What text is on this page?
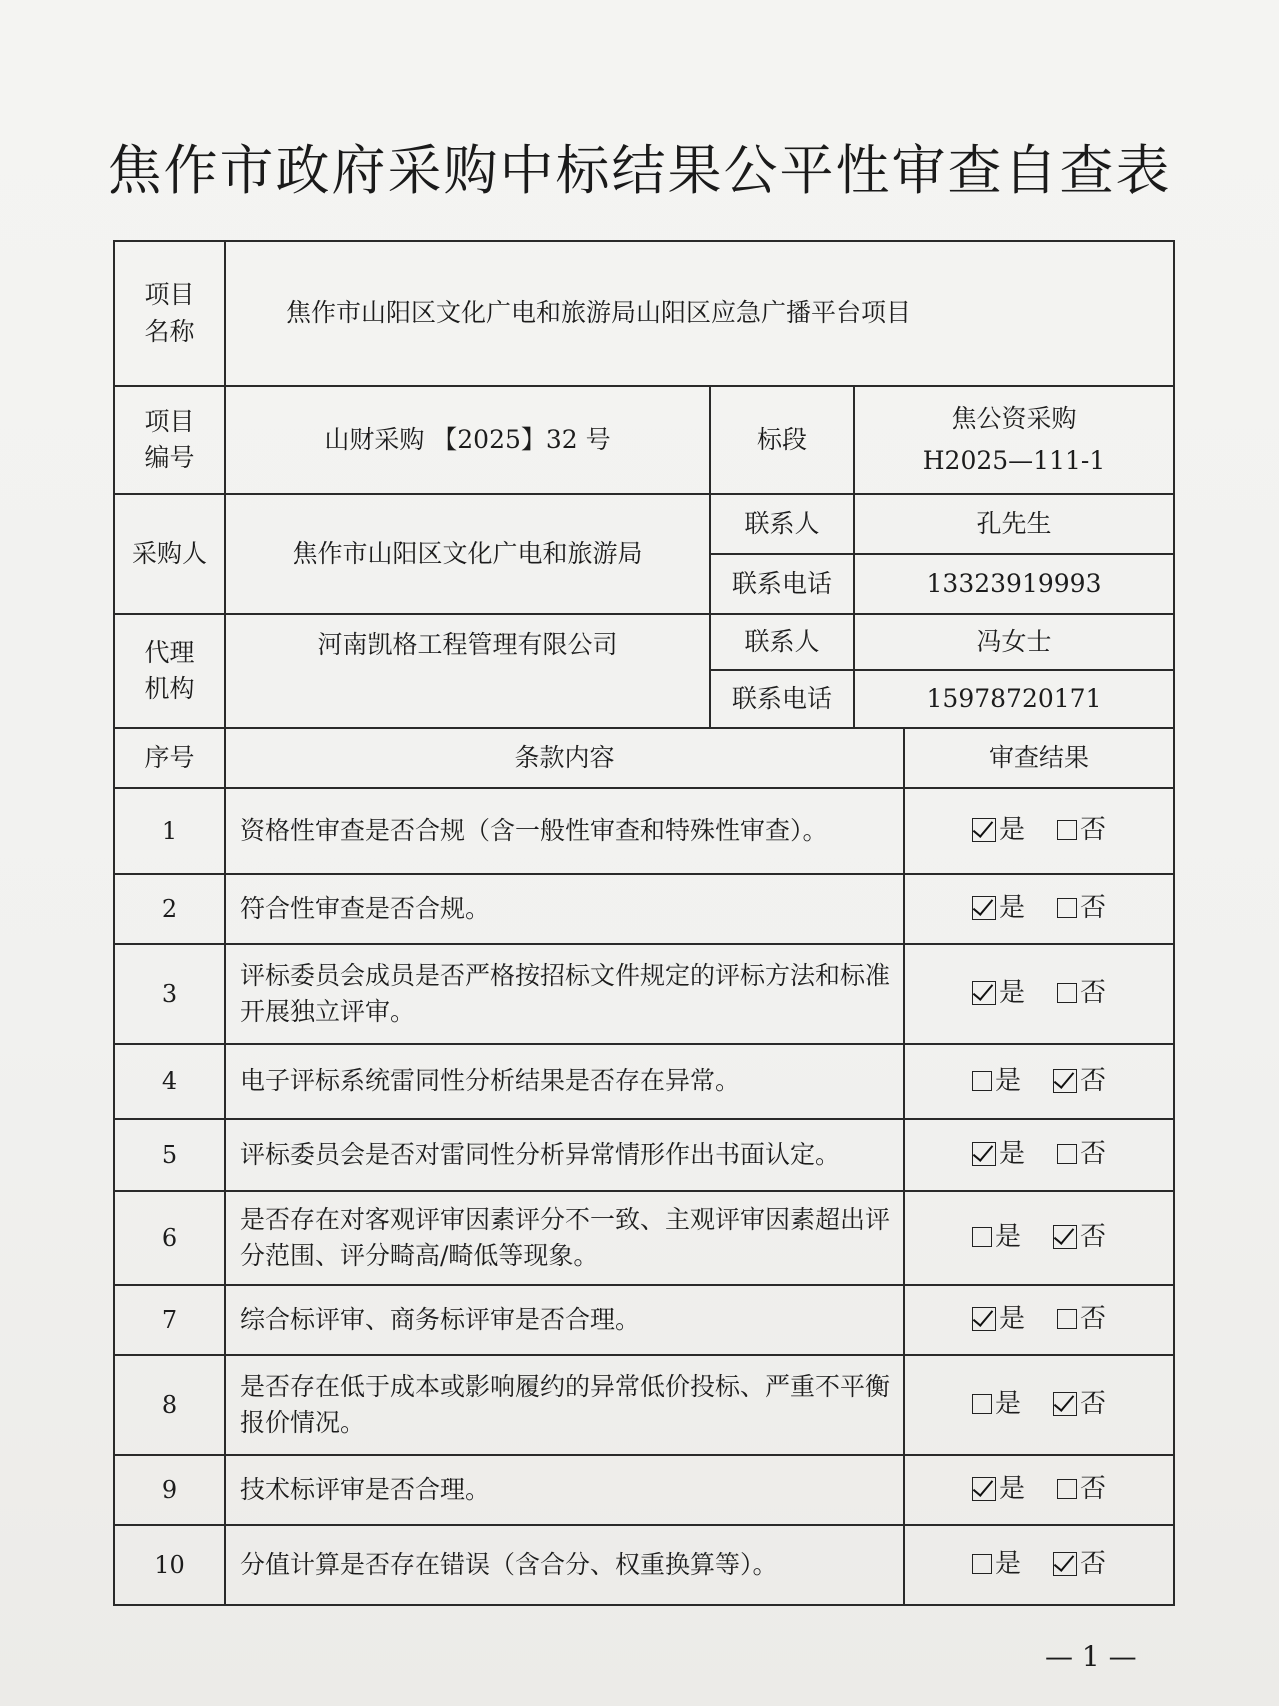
焦作市政府采购中标结果公平性审查自查表
项目名称	焦作市山阳区文化广电和旅游局山阳区应急广播平台项目			

项目编号	山财采购 【2025】32 号	标段	焦公资采购
H2025—111-1	

采购人	焦作市山阳区文化广电和旅游局	联系人	孔先生	
		联系电话	13323919993	

代理机构	河南凯格工程管理有限公司	联系人	冯女士	
		联系电话	15978720171	
序号	条款内容			审查结果
1	资格性审查是否合规（含一般性审查和特殊性审查）。			是 否
2	符合性审查是否合规。			是 否
3	评标委员会成员是否严格按招标文件规定的评标方法和标准开展独立评审。			是 否
4	电子评标系统雷同性分析结果是否存在异常。			是 否
5	评标委员会是否对雷同性分析异常情形作出书面认定。			是 否
6	是否存在对客观评审因素评分不一致、主观评审因素超出评分范围、评分畸高/畸低等现象。			是 否
7	综合标评审、商务标评审是否合理。			是 否
8	是否存在低于成本或影响履约的异常低价投标、严重不平衡报价情况。			是 否
9	技术标评审是否合理。			是 否
10	分值计算是否存在错误（含合分、权重换算等）。			是 否
— 1 —
